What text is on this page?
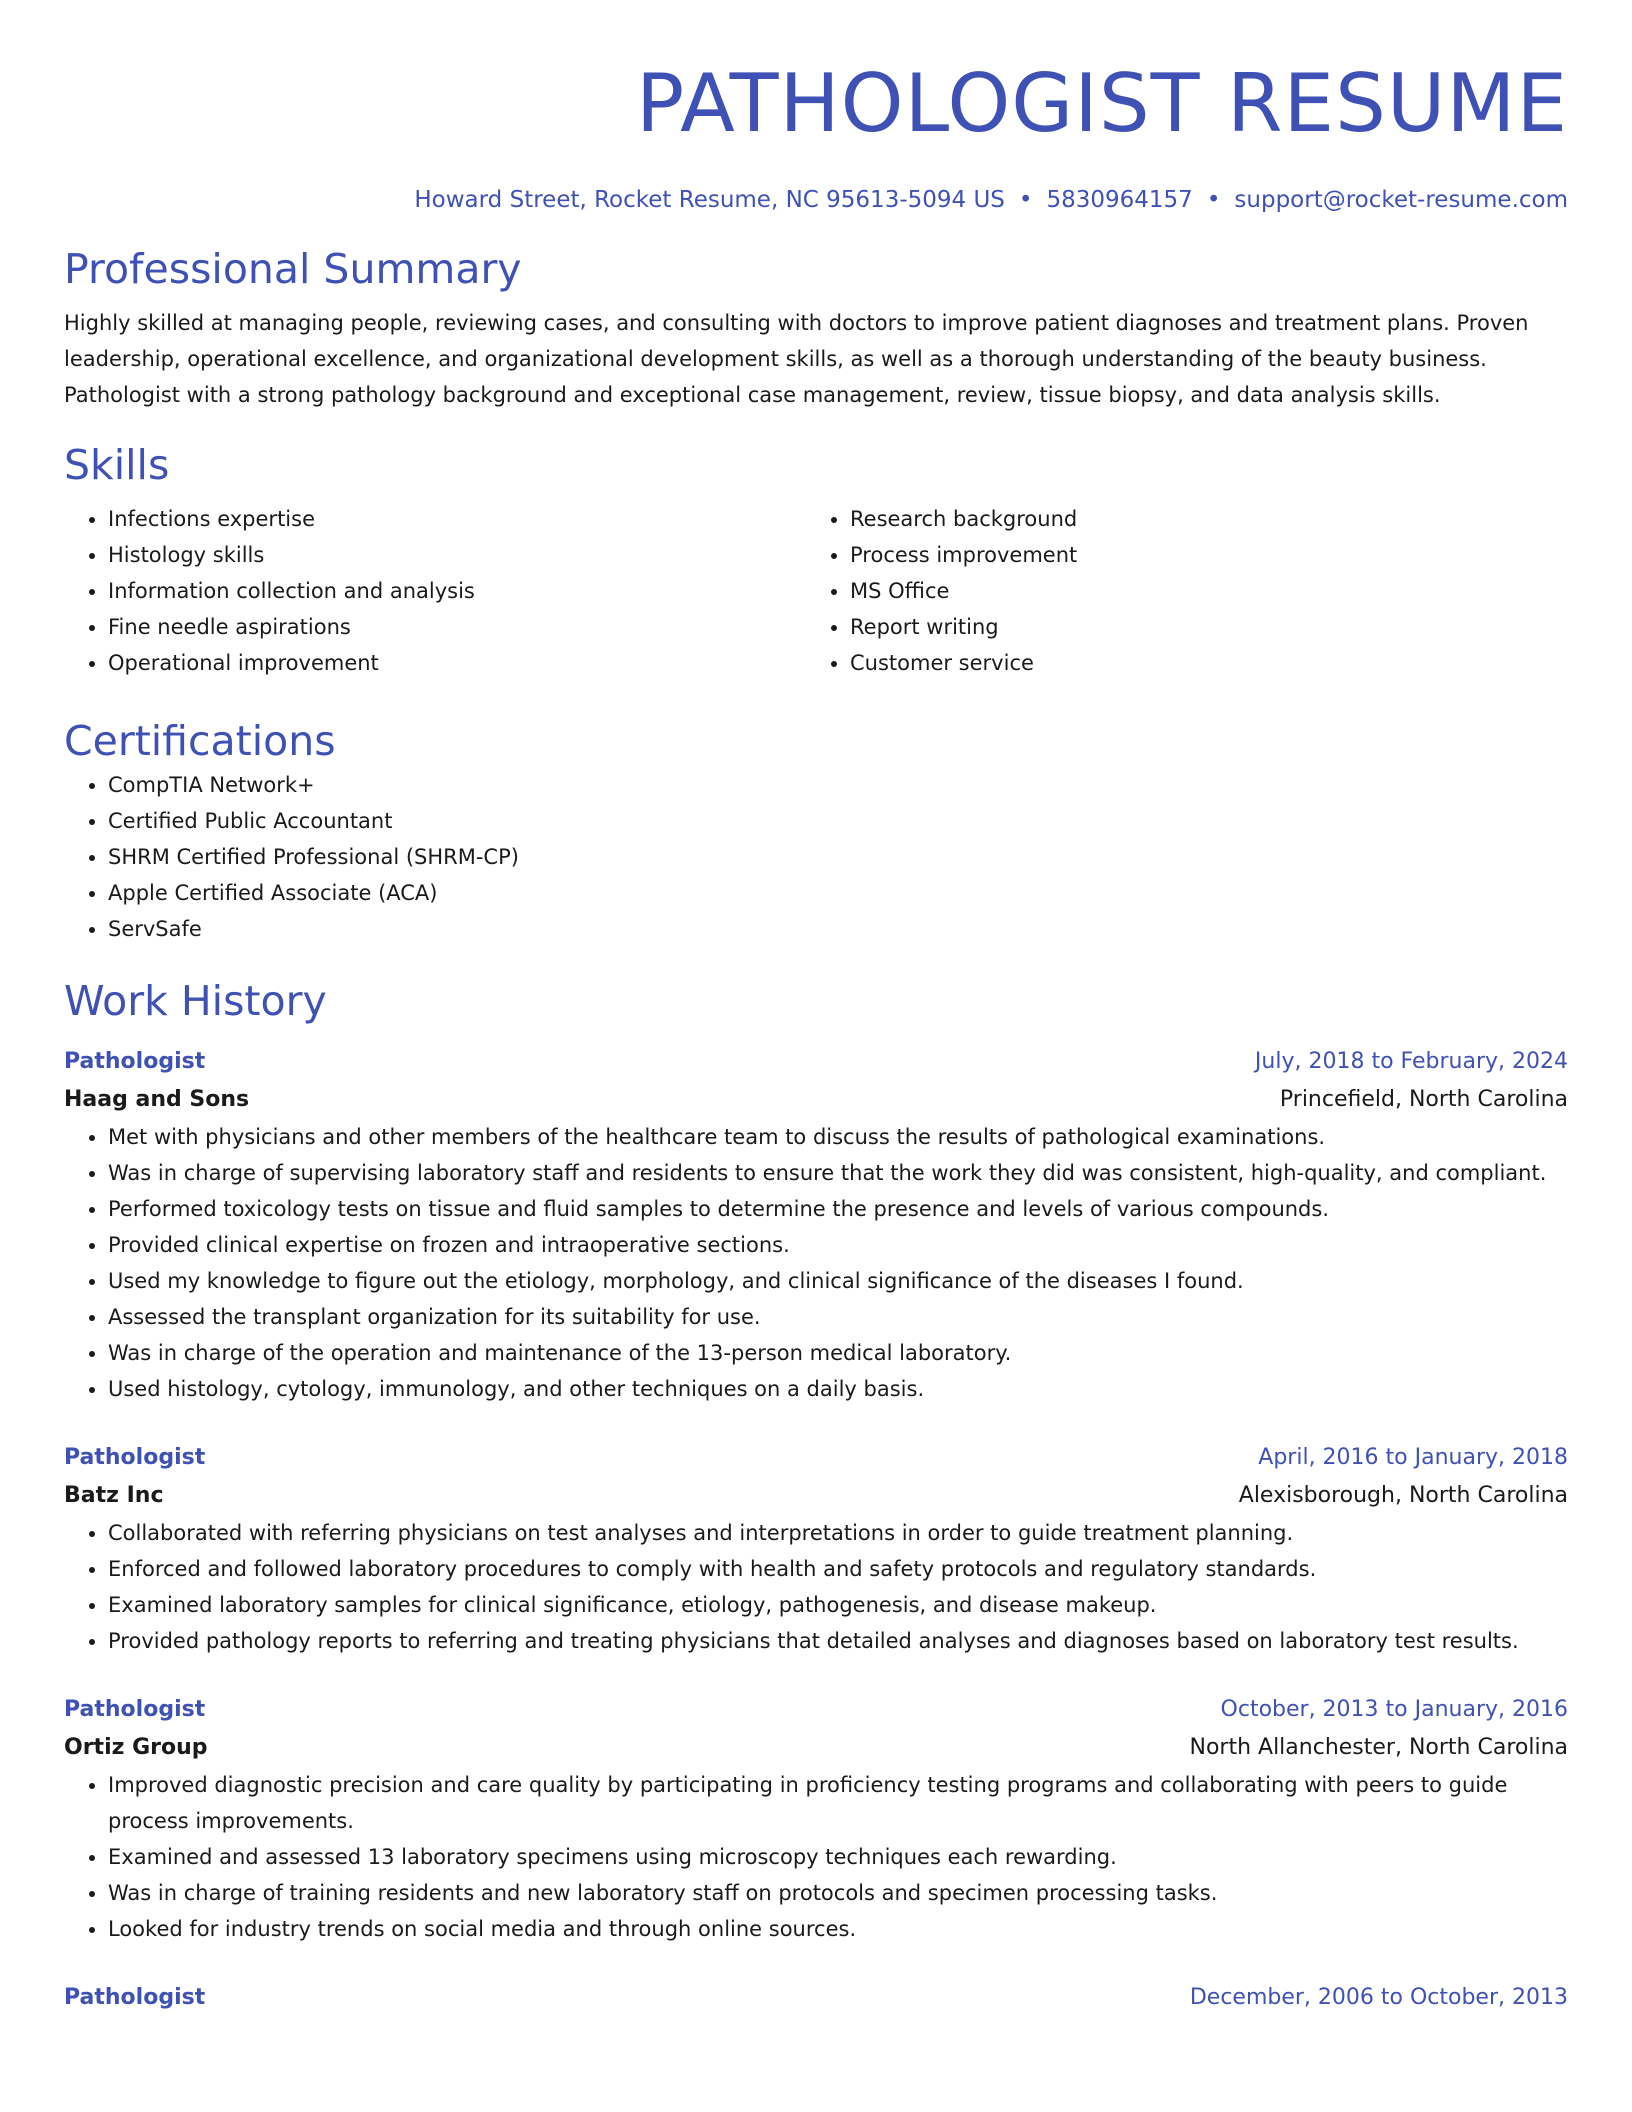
PATHOLOGIST RESUME
Howard Street, Rocket Resume, NC 95613-5094 US • 5830964157 • support@rocket-resume.com
Professional Summary

Highly skilled at managing people, reviewing cases, and consulting with doctors to improve patient diagnoses and treatment plans. Proven leadership, operational excellence, and organizational development skills, as well as a thorough understanding of the beauty business. Pathologist with a strong pathology background and exceptional case management, review, tissue biopsy, and data analysis skills.

Skills
• Infections expertise
• Histology skills
• Information collection and analysis
• Fine needle aspirations
• Operational improvement
• Research background
• Process improvement
• MS Office
• Report writing
• Customer service
Certifications
• CompTIA Network+
• Certified Public Accountant
• SHRM Certified Professional (SHRM-CP)
• Apple Certified Associate (ACA)
• ServSafe
Work History
Pathologist	July, 2018 to February, 2024
Haag and Sons	Princefield, North Carolina
• Met with physicians and other members of the healthcare team to discuss the results of pathological examinations.
• Was in charge of supervising laboratory staff and residents to ensure that the work they did was consistent, high-quality, and compliant.
• Performed toxicology tests on tissue and fluid samples to determine the presence and levels of various compounds.
• Provided clinical expertise on frozen and intraoperative sections.
• Used my knowledge to figure out the etiology, morphology, and clinical significance of the diseases I found.
• Assessed the transplant organization for its suitability for use.
• Was in charge of the operation and maintenance of the 13-person medical laboratory.
• Used histology, cytology, immunology, and other techniques on a daily basis.
Pathologist	April, 2016 to January, 2018
Batz Inc	Alexisborough, North Carolina
• Collaborated with referring physicians on test analyses and interpretations in order to guide treatment planning.
• Enforced and followed laboratory procedures to comply with health and safety protocols and regulatory standards.
• Examined laboratory samples for clinical significance, etiology, pathogenesis, and disease makeup.
• Provided pathology reports to referring and treating physicians that detailed analyses and diagnoses based on laboratory test results.
Pathologist	October, 2013 to January, 2016
Ortiz Group	North Allanchester, North Carolina
• Improved diagnostic precision and care quality by participating in proficiency testing programs and collaborating with peers to guide process improvements.
• Examined and assessed 13 laboratory specimens using microscopy techniques each rewarding.
• Was in charge of training residents and new laboratory staff on protocols and specimen processing tasks.
• Looked for industry trends on social media and through online sources.
Pathologist	December, 2006 to October, 2013
